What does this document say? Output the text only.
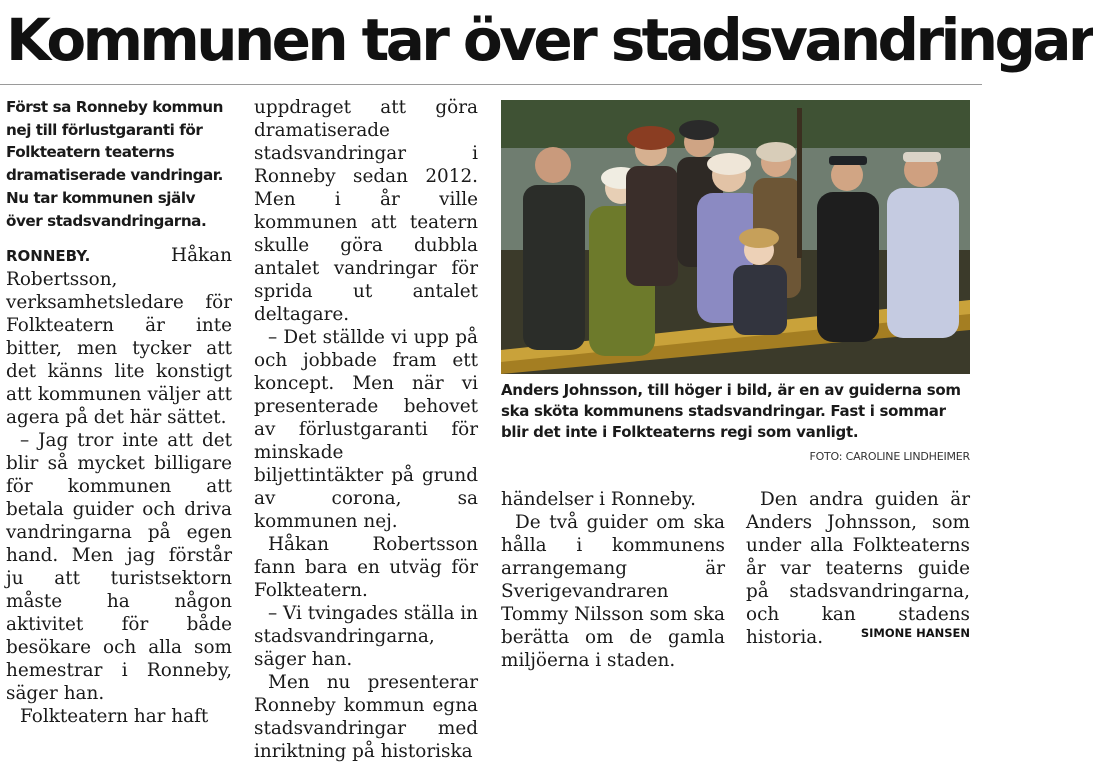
Kommunen tar över stadsvandringar

Först sa Ronneby kommun nej till förlustgaranti för Folkteatern teaterns dramatiserade vandringar. Nu tar kommunen själv över stadsvandringarna.

RONNEBY.	Håkan Robertsson, verksamhetsledare för Folkteatern är inte bitter, men tycker att det känns lite konstigt att kommunen väljer att agera på det här sättet.

– Jag tror inte att det blir så mycket billigare för kommunen att betala guider och driva vandringarna på egen hand. Men jag förstår ju att turistsektorn måste ha någon aktivitet för både besökare och alla som hemestrar i Ronneby, säger han.

Folkteatern har haft

uppdraget att göra dramatiserade stadsvandringar i Ronneby sedan 2012. Men i år ville kommunen att teatern skulle göra dubbla antalet vandringar för sprida ut antalet deltagare.

– Det ställde vi upp på och jobbade fram ett koncept. Men när vi presenterade behovet av förlustgaranti för minskade biljettintäkter på grund av corona, sa kommunen nej.

Håkan Robertsson fann bara en utväg för Folkteatern.

– Vi tvingades ställa in stadsvandringarna, säger han.

Men nu presenterar Ronneby kommun egna stadsvandringar med inriktning på historiska

Anders Johnsson, till höger i bild, är en av guiderna som ska sköta kommunens stadsvandringar. Fast i sommar blir det inte i Folkteaterns regi som vanligt.

FOTO: CAROLINE LINDHEIMER

händelser i Ronneby.

De två guider om ska hålla i kommunens arrangemang är Sverigevandraren Tommy Nilsson som ska berätta om de gamla miljöerna i staden.

Den andra guiden är Anders Johnsson, som under alla Folkteaterns år var teaterns guide på stadsvandringarna, och kan stadens historia.	SIMONE HANSEN
